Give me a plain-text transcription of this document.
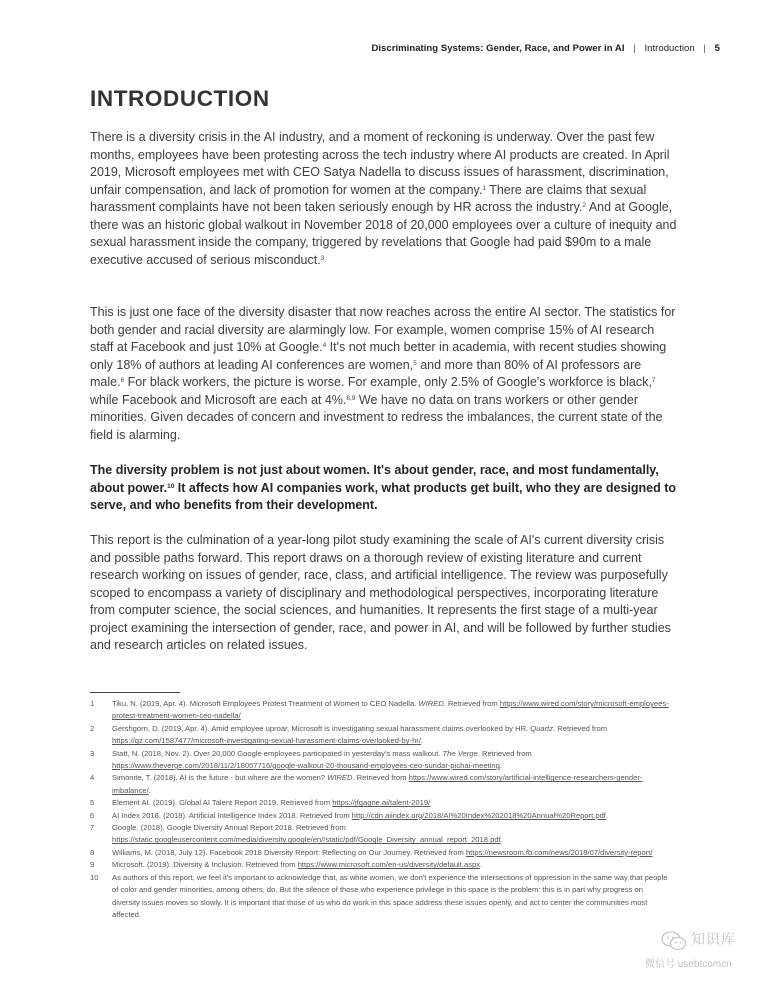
Discriminating Systems: Gender, Race, and Power in AI | Introduction | 5
INTRODUCTION

There is a diversity crisis in the AI industry, and a moment of reckoning is underway. Over the past few months, employees have been protesting across the tech industry where AI products are created. In April 2019, Microsoft employees met with CEO Satya Nadella to discuss issues of harassment, discrimination, unfair compensation, and lack of promotion for women at the company.$^1$ There are claims that sexual harassment complaints have not been taken seriously enough by HR across the industry.$^2$ And at Google, there was an historic global walkout in November 2018 of 20,000 employees over a culture of inequity and sexual harassment inside the company, triggered by revelations that Google had paid $90m to a male executive accused of serious misconduct.$^3$

This is just one face of the diversity disaster that now reaches across the entire AI sector. The statistics for both gender and racial diversity are alarmingly low. For example, women comprise 15% of AI research staff at Facebook and just 10% at Google.$^4$ It's not much better in academia, with recent studies showing only 18% of authors at leading AI conferences are women,$^5$ and more than 80% of AI professors are male.$^6$ For black workers, the picture is worse. For example, only 2.5% of Google's workforce is black,$^7$ while Facebook and Microsoft are each at 4%.$^{8,9}$ We have no data on trans workers or other gender minorities. Given decades of concern and investment to redress the imbalances, the current state of the field is alarming.

The diversity problem is not just about women. It's about gender, race, and most fundamentally, about power.$^{10}$ It affects how AI companies work, what products get built, who they are designed to serve, and who benefits from their development.

This report is the culmination of a year-long pilot study examining the scale of AI's current diversity crisis and possible paths forward. This report draws on a thorough review of existing literature and current research working on issues of gender, race, class, and artificial intelligence. The review was purposefully scoped to encompass a variety of disciplinary and methodological perspectives, incorporating literature from computer science, the social sciences, and humanities. It represents the first stage of a multi-year project examining the intersection of gender, race, and power in AI, and will be followed by further studies and research articles on related issues.

1	Tiku, N. (2019, Apr. 4). Microsoft Employees Protest Treatment of Women to CEO Nadella. WIRED. Retrieved from https://www.wired.com/story/microsoft-employees-protest-treatment-women-ceo-nadella/
2	Gershgorn, D. (2019, Apr. 4). Amid employee uproar, Microsoft is investigating sexual harassment claims overlooked by HR. Quartz. Retrieved from https://qz.com/1587477/microsoft-investigating-sexual-harassment-claims-overlooked-by-hr/.
3	Statt, N. (2018, Nov. 2). Over 20,000 Google employees participated in yesterday's mass walkout. The Verge. Retrieved from https://www.theverge.com/2018/11/2/18057716/google-walkout-20-thousand-employees-ceo-sundar-pichai-meeting.
4	Simonite, T. (2018). AI is the future - but where are the women? WIRED. Retrieved from https://www.wired.com/story/artificial-intelligence-researchers-gender-imbalance/.
5	Element AI. (2019). Global AI Talent Report 2019. Retrieved from https://jfgagne.ai/talent-2019/
6	AI Index 2018. (2018). Artificial Intelligence Index 2018. Retrieved from http://cdn.aiindex.org/2018/AI%20Index%202018%20Annual%20Report.pdf.
7	Google. (2018). Google Diversity Annual Report 2018. Retrieved from https://static.googleusercontent.com/media/diversity.google/en//static/pdf/Google_Diversity_annual_report_2018.pdf.
8	Williams, M. (2018, July 12). Facebook 2018 Diversity Report: Reflecting on Our Journey. Retrieved from https://newsroom.fb.com/news/2018/07/diversity-report/
9	Microsoft. (2019). Diversity & Inclusion. Retrieved from https://www.microsoft.com/en-us/diversity/default.aspx.
10	As authors of this report, we feel it's important to acknowledge that, as white women, we don't experience the intersections of oppression in the same way that people of color and gender minorities, among others, do. But the silence of those who experience privilege in this space is the problem: this is in part why progress on diversity issues moves so slowly. It is important that those of us who do work in this space address these issues openly, and act to center the communities most affected.
知识库
微信号 usebtcomcn
